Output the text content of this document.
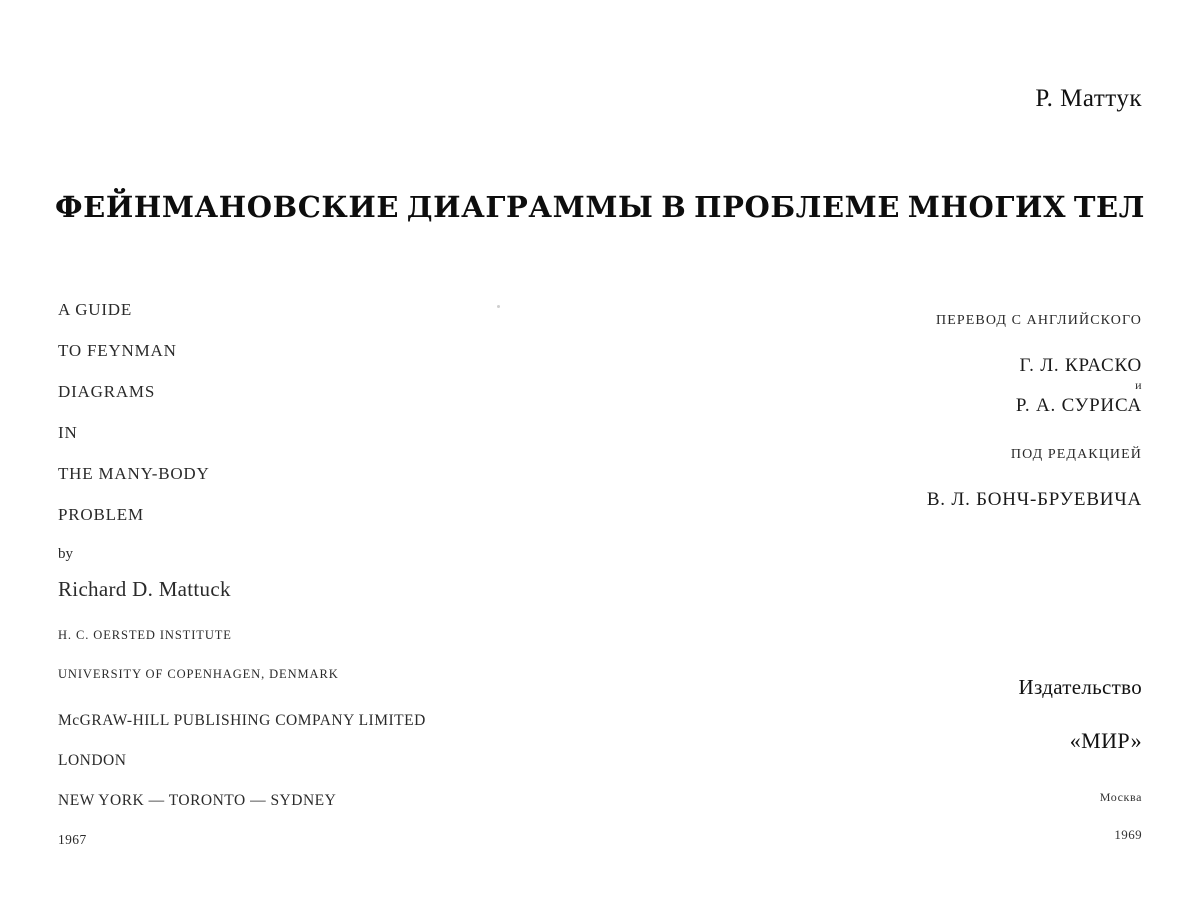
Р. Маттук
ФЕЙНМАНОВСКИЕ ДИАГРАММЫ В ПРОБЛЕМЕ МНОГИХ ТЕЛ
A GUIDE
TO FEYNMAN
DIAGRAMS
IN
THE MANY-BODY
PROBLEM
by
Richard D. Mattuck
H. C. OERSTED INSTITUTE
UNIVERSITY OF COPENHAGEN, DENMARK
McGRAW-HILL PUBLISHING COMPANY LIMITED
LONDON
NEW YORK — TORONTO — SYDNEY
1967
ПЕРЕВОД С АНГЛИЙСКОГО
Г. Л. КРАСКО
и
Р. А. СУРИСА
ПОД РЕДАКЦИЕЙ
В. Л. БОНЧ-БРУЕВИЧА
Издательство
«МИР»
Москва
1969
